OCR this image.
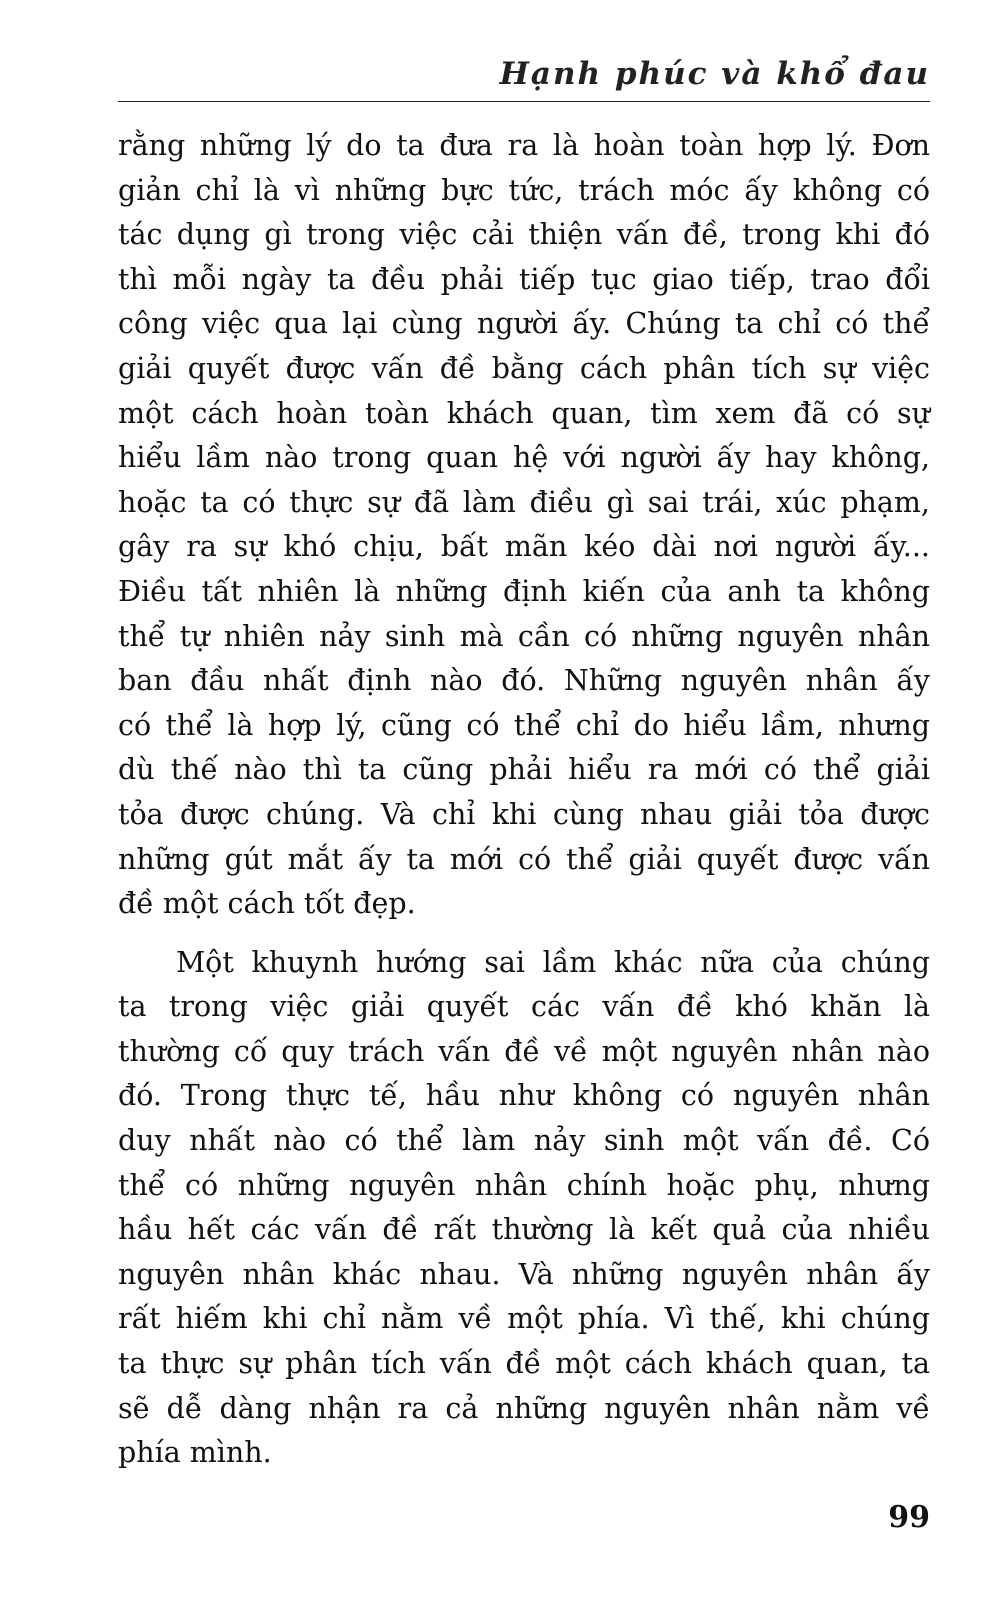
Hạnh phúc và khổ đau

rằng những lý do ta đưa ra là hoàn toàn hợp lý. Đơn

giản chỉ là vì những bực tức, trách móc ấy không có

tác dụng gì trong việc cải thiện vấn đề, trong khi đó

thì mỗi ngày ta đều phải tiếp tục giao tiếp, trao đổi

công việc qua lại cùng người ấy. Chúng ta chỉ có thể

giải quyết được vấn đề bằng cách phân tích sự việc

một cách hoàn toàn khách quan, tìm xem đã có sự

hiểu lầm nào trong quan hệ với người ấy hay không,

hoặc ta có thực sự đã làm điều gì sai trái, xúc phạm,

gây ra sự khó chịu, bất mãn kéo dài nơi người ấy...

Điều tất nhiên là những định kiến của anh ta không

thể tự nhiên nảy sinh mà cần có những nguyên nhân

ban đầu nhất định nào đó. Những nguyên nhân ấy

có thể là hợp lý, cũng có thể chỉ do hiểu lầm, nhưng

dù thế nào thì ta cũng phải hiểu ra mới có thể giải

tỏa được chúng. Và chỉ khi cùng nhau giải tỏa được

những gút mắt ấy ta mới có thể giải quyết được vấn

đề một cách tốt đẹp.

Một khuynh hướng sai lầm khác nữa của chúng

ta trong việc giải quyết các vấn đề khó khăn là

thường cố quy trách vấn đề về một nguyên nhân nào

đó. Trong thực tế, hầu như không có nguyên nhân

duy nhất nào có thể làm nảy sinh một vấn đề. Có

thể có những nguyên nhân chính hoặc phụ, nhưng

hầu hết các vấn đề rất thường là kết quả của nhiều

nguyên nhân khác nhau. Và những nguyên nhân ấy

rất hiếm khi chỉ nằm về một phía. Vì thế, khi chúng

ta thực sự phân tích vấn đề một cách khách quan, ta

sẽ dễ dàng nhận ra cả những nguyên nhân nằm về

phía mình.

99
